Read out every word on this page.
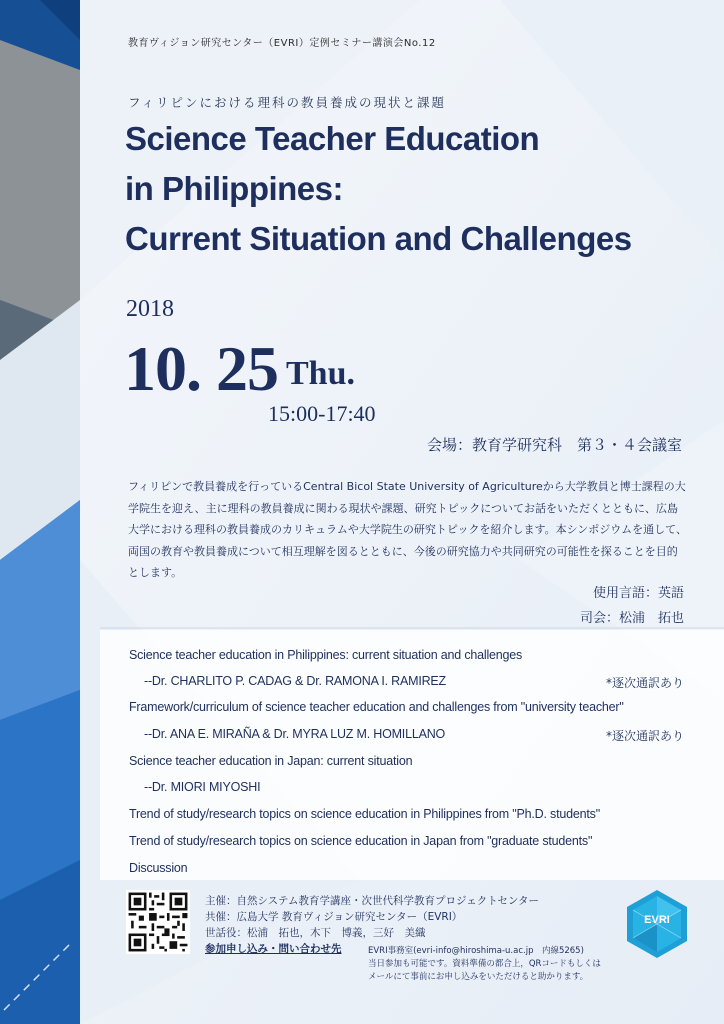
教育ヴィジョン研究センター（EVRI）定例セミナー講演会No.12
フィリピンにおける理科の教員養成の現状と課題
Science Teacher Education
in Philippines:
Current Situation and Challenges
2018
10. 25 Thu.
15:00-17:40
会場：教育学研究科　第３・４会議室
フィリピンで教員養成を行っているCentral Bicol State University of Agricultureから大学教員と博士課程の大学院生を迎え、主に理科の教員養成に関わる現状や課題、研究トピックについてお話をいただくとともに、広島大学における理科の教員養成のカリキュラムや大学院生の研究トピックを紹介します。本シンポジウムを通して、両国の教育や教員養成について相互理解を図るとともに、今後の研究協力や共同研究の可能性を探ることを目的とします。
使用言語：英語
司会：松浦　拓也
Science teacher education in Philippines: current situation and challenges
--Dr. CHARLITO P. CADAG & Dr. RAMONA I. RAMIREZ	*逐次通訳あり
Framework/curriculum of science teacher education and challenges from "university teacher"
--Dr. ANA E. MIRAÑA & Dr. MYRA LUZ M. HOMILLANO	*逐次通訳あり
Science teacher education in Japan: current situation
--Dr. MIORI MIYOSHI
Trend of study/research topics on science education in Philippines from "Ph.D. students"
Trend of study/research topics on science education in Japan from "graduate students"
Discussion
主催：自然システム教育学講座・次世代科学教育プロジェクトセンター
共催：広島大学 教育ヴィジョン研究センター（EVRI）
世話役：松浦　拓也，木下　博義，三好　美織
参加申し込み・問い合わせ先	EVRI事務室(evri-info@hiroshima-u.ac.jp　内線5265)
当日参加も可能です。資料準備の都合上，QRコードもしくは
メールにて事前にお申し込みをいただけると助かります。
EVRI
